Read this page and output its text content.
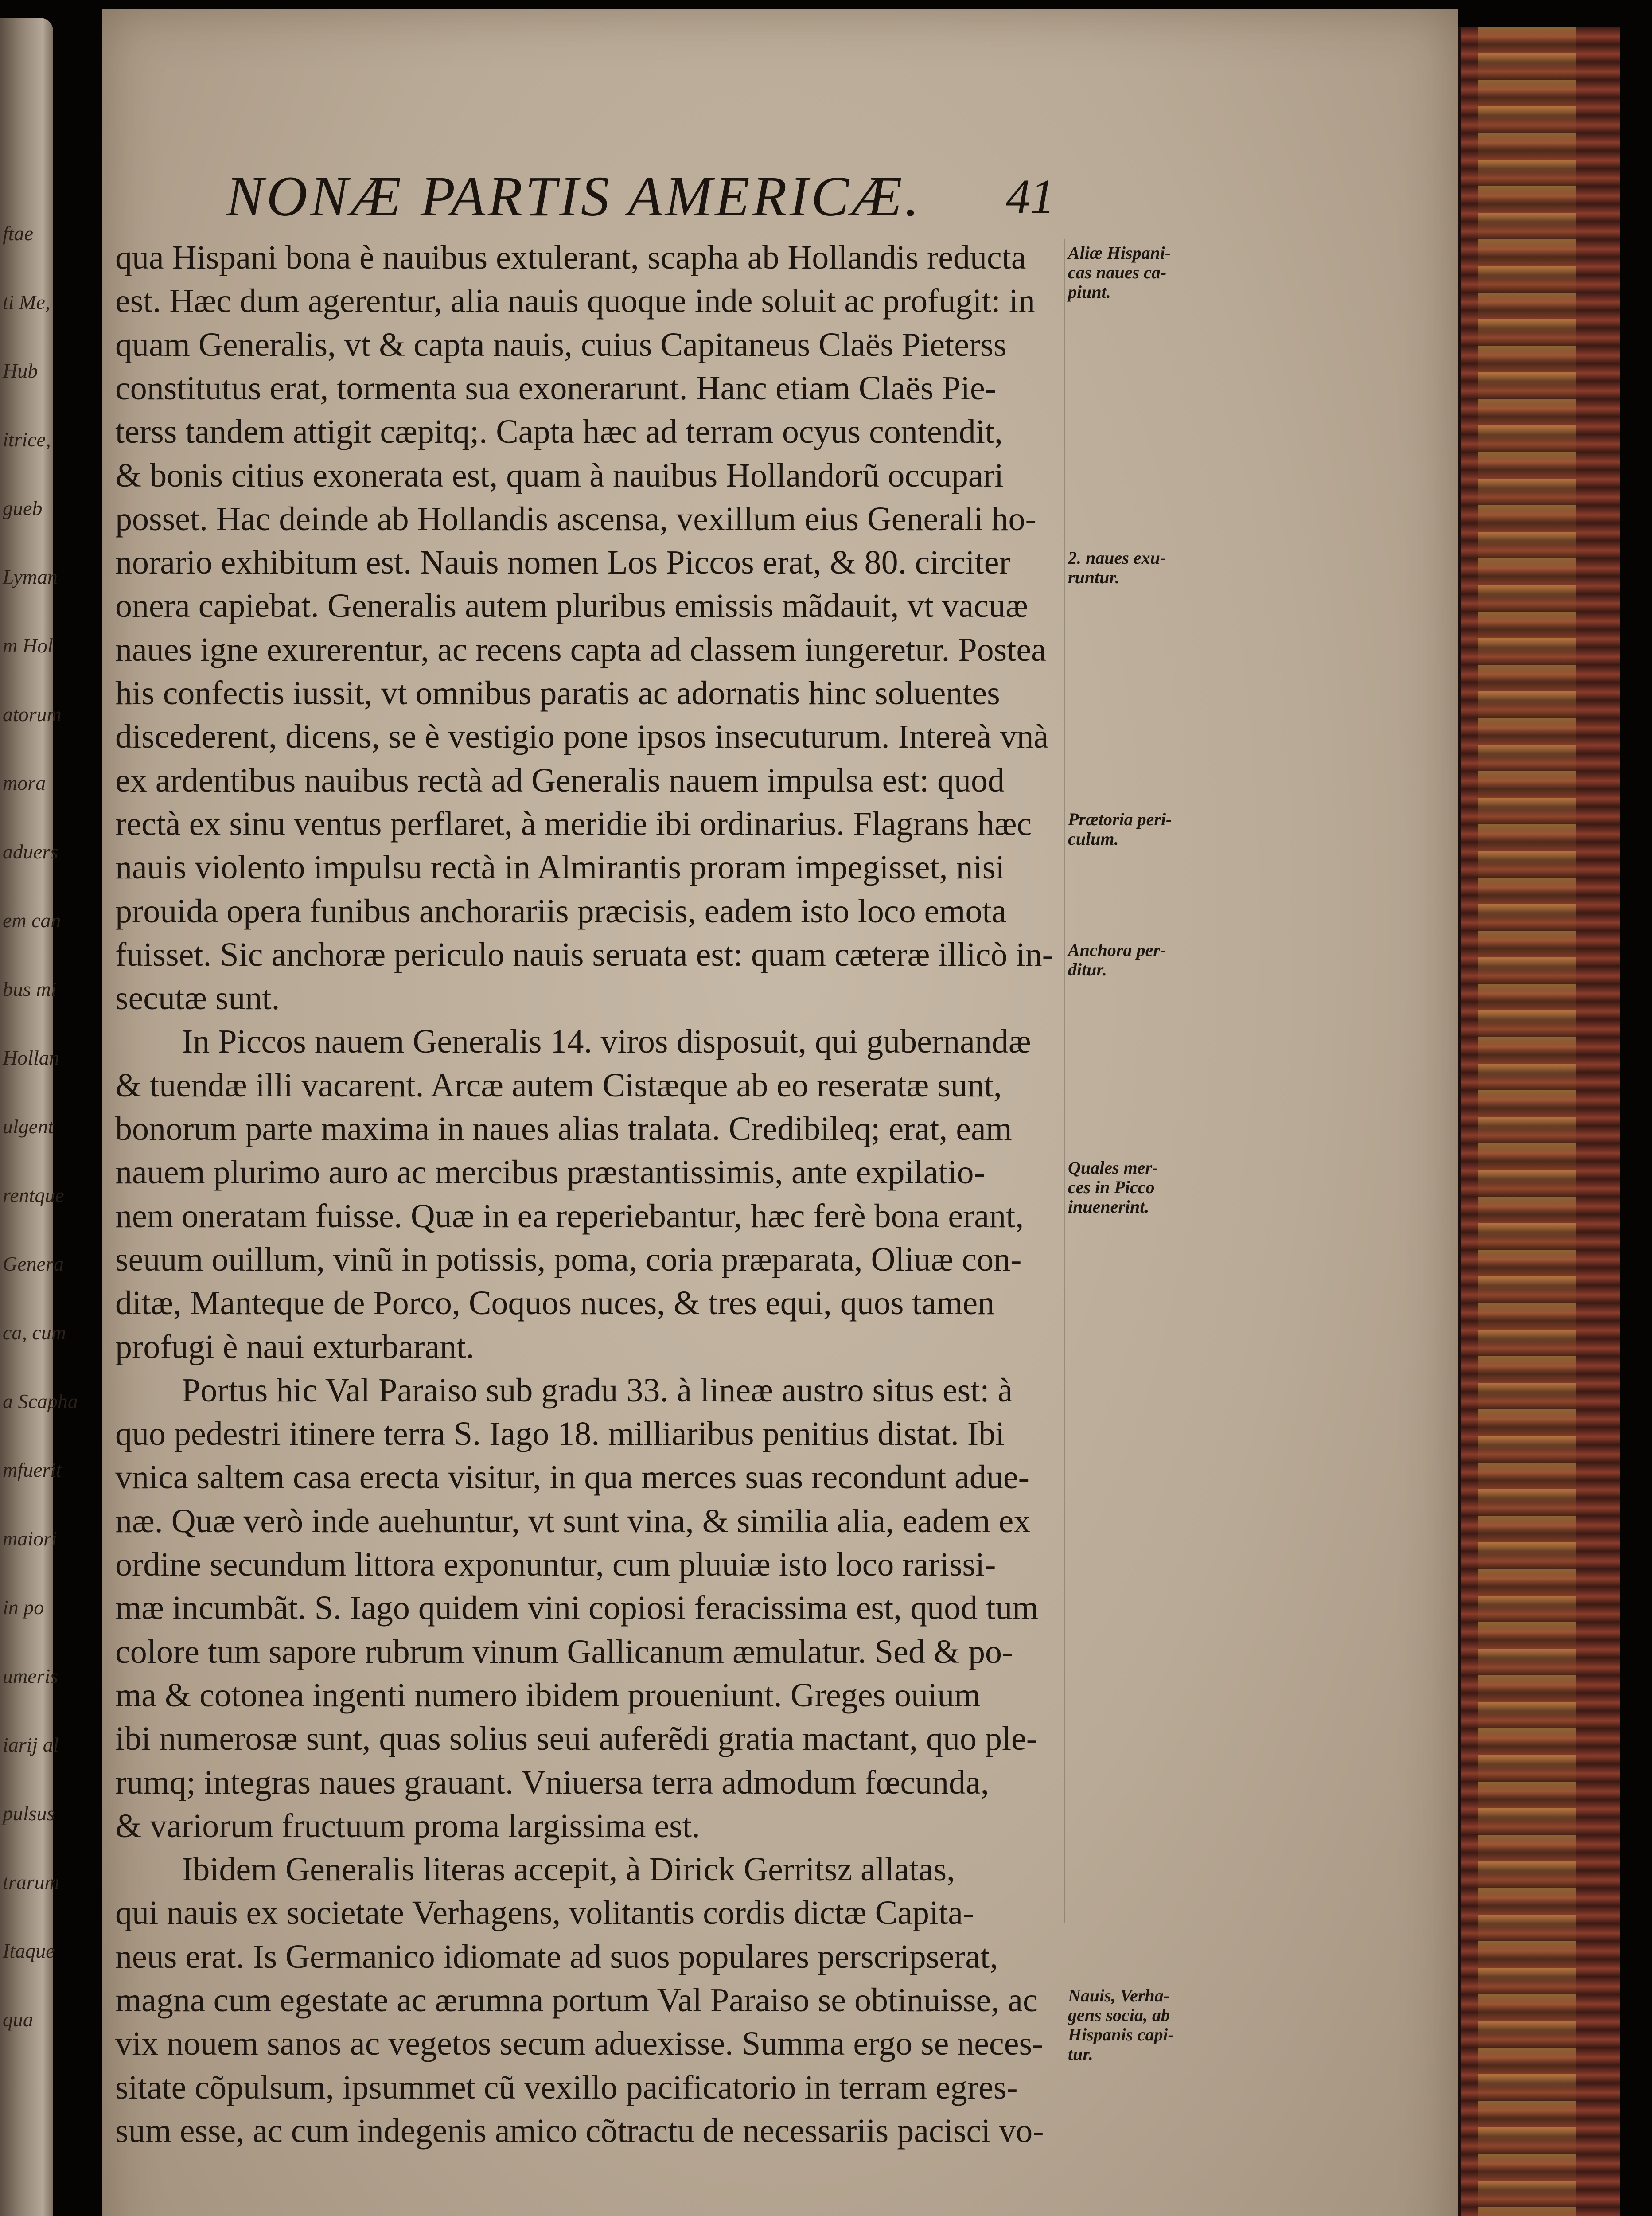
ftae
ti Me,
Hub
itrice,
gueb
Lyman
m Hol
atorum
mora
aduers
em can
bus mi
Hollan
ulgent
rentque
Genera
ca, cum
a Scapha
mfuerit
maiori
in po
umeris
iarij al
pulsus
trarum
Itaque
qua
NONÆ PARTIS AMERICÆ. 41
qua Hispani bona è nauibus extulerant, scapha ab Hollandis reducta
est. Hæc dum agerentur, alia nauis quoque inde soluit ac profugit: in
quam Generalis, vt & capta nauis, cuius Capitaneus Claës Pieterss
constitutus erat, tormenta sua exonerarunt. Hanc etiam Claës Pie-
terss tandem attigit cæpitq;. Capta hæc ad terram ocyus contendit,
& bonis citius exonerata est, quam à nauibus Hollandorũ occupari
posset. Hac deinde ab Hollandis ascensa, vexillum eius Generali ho-
norario exhibitum est. Nauis nomen Los Piccos erat, & 80. circiter
onera capiebat. Generalis autem pluribus emissis mãdauit, vt vacuæ
naues igne exurerentur, ac recens capta ad classem iungeretur. Postea
his confectis iussit, vt omnibus paratis ac adornatis hinc soluentes
discederent, dicens, se è vestigio pone ipsos insecuturum. Intereà vnà
ex ardentibus nauibus rectà ad Generalis nauem impulsa est: quod
rectà ex sinu ventus perflaret, à meridie ibi ordinarius. Flagrans hæc
nauis violento impulsu rectà in Almirantis proram impegisset, nisi
prouida opera funibus anchorariis præcisis, eadem isto loco emota
fuisset. Sic anchoræ periculo nauis seruata est: quam cæteræ illicò in-
secutæ sunt.
In Piccos nauem Generalis 14. viros disposuit, qui gubernandæ
& tuendæ illi vacarent. Arcæ autem Cistæque ab eo reseratæ sunt,
bonorum parte maxima in naues alias tralata. Credibileq; erat, eam
nauem plurimo auro ac mercibus præstantissimis, ante expilatio-
nem oneratam fuisse. Quæ in ea reperiebantur, hæc ferè bona erant,
seuum ouillum, vinũ in potissis, poma, coria præparata, Oliuæ con-
ditæ, Manteque de Porco, Coquos nuces, & tres equi, quos tamen
profugi è naui exturbarant.
Portus hic Val Paraiso sub gradu 33. à lineæ austro situs est: à
quo pedestri itinere terra S. Iago 18. milliaribus penitius distat. Ibi
vnica saltem casa erecta visitur, in qua merces suas recondunt adue-
næ. Quæ verò inde auehuntur, vt sunt vina, & similia alia, eadem ex
ordine secundum littora exponuntur, cum pluuiæ isto loco rarissi-
mæ incumbãt. S. Iago quidem vini copiosi feracissima est, quod tum
colore tum sapore rubrum vinum Gallicanum æmulatur. Sed & po-
ma & cotonea ingenti numero ibidem proueniunt. Greges ouium
ibi numerosæ sunt, quas solius seui auferẽdi gratia mactant, quo ple-
rumq; integras naues grauant. Vniuersa terra admodum fœcunda,
& variorum fructuum proma largissima est.
Ibidem Generalis literas accepit, à Dirick Gerritsz allatas,
qui nauis ex societate Verhagens, volitantis cordis dictæ Capita-
neus erat. Is Germanico idiomate ad suos populares perscripserat,
magna cum egestate ac ærumna portum Val Paraiso se obtinuisse, ac
vix nouem sanos ac vegetos secum aduexisse. Summa ergo se neces-
sitate cõpulsum, ipsummet cũ vexillo pacificatorio in terram egres-
sum esse, ac cum indegenis amico cõtractu de necessariis pacisci vo-
Aliæ Hispani-
cas naues ca-
piunt.
2. naues exu-
runtur.
Prætoria peri-
culum.
Anchora per-
ditur.
Quales mer-
ces in Picco
inuenerint.
Nauis, Verha-
gens socia, ab
Hispanis capi-
tur.
